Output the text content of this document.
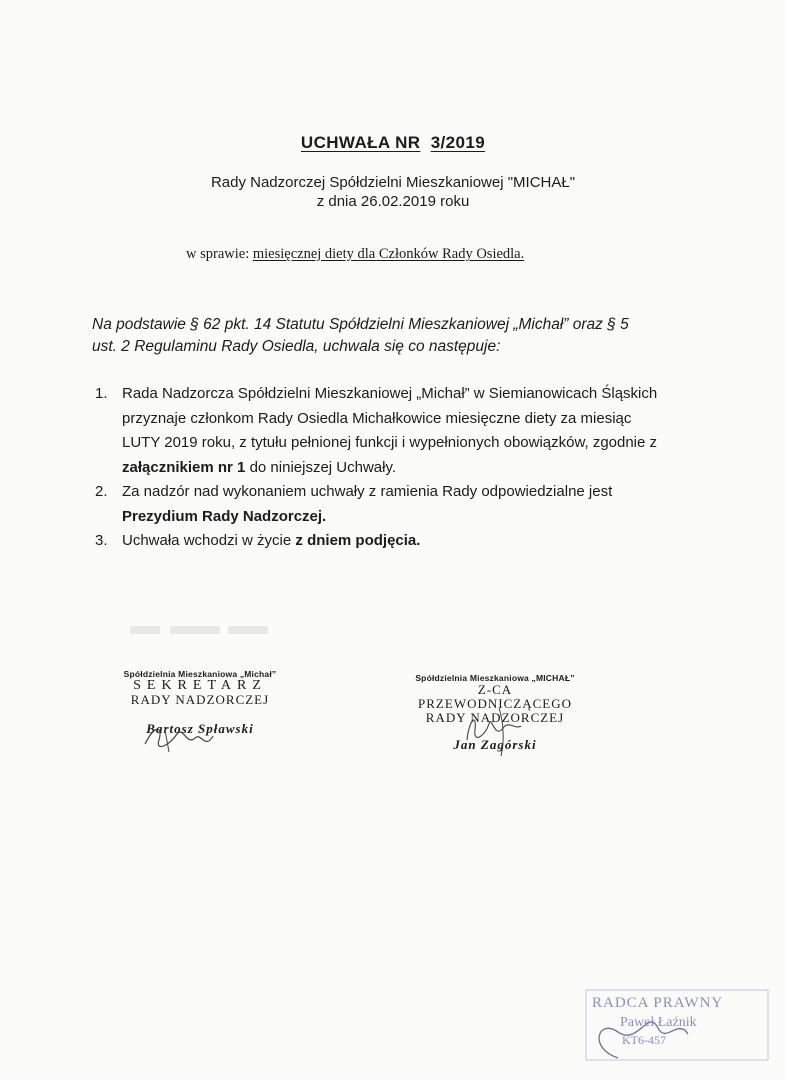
UCHWAŁA NR 3/2019
Rady Nadzorczej Spółdzielni Mieszkaniowej "MICHAŁ"
z dnia 26.02.2019 roku
w sprawie: miesięcznej diety dla Członków Rady Osiedla.
Na podstawie § 62 pkt. 14 Statutu Spółdzielni Mieszkaniowej „Michał” oraz § 5
ust. 2 Regulaminu Rady Osiedla, uchwala się co następuje:
1. Rada Nadzorcza Spółdzielni Mieszkaniowej „Michał” w Siemianowicach Śląskich

przyznaje członkom Rady Osiedla Michałkowice miesięczne diety za miesiąc

LUTY 2019 roku, z tytułu pełnionej funkcji i wypełnionych obowiązków, zgodnie z

załącznikiem nr 1 do niniejszej Uchwały.

2. Za nadzór nad wykonaniem uchwały z ramienia Rady odpowiedzialne jest

Prezydium Rady Nadzorczej.

3. Uchwała wchodzi w życie z dniem podjęcia.

Spółdzielnia Mieszkaniowa „Michał”
SEKRETARZ
RADY NADZORCZEJ
Bartosz Spławski
Spółdzielnia Mieszkaniowa „MICHAŁ”
Z-CA PRZEWODNICZĄCEGO
RADY NADZORCZEJ
Jan Zagórski
RADCA PRAWNY
Paweł Łaźnik
KT6-457
